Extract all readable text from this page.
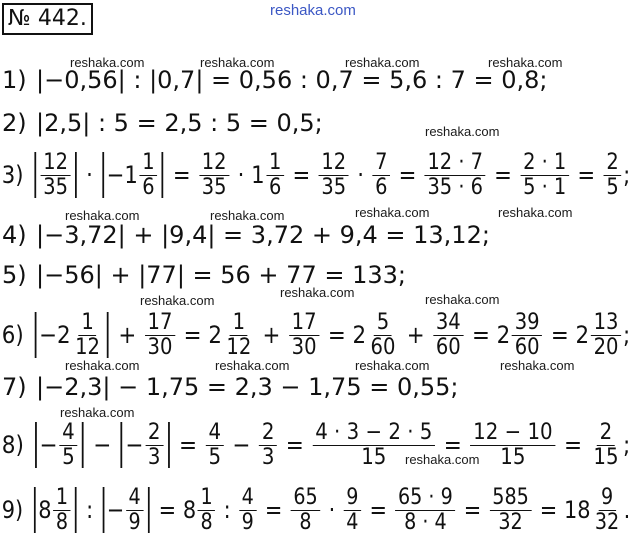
reshaka.com
reshaka.com	reshaka.com	reshaka.com	reshaka.com
reshaka.com
reshaka.com	reshaka.com	reshaka.com	reshaka.com
reshaka.com
reshaka.com	reshaka.com
reshaka.com	reshaka.com	reshaka.com	reshaka.com
reshaka.com
reshaka.com
№ 442.
1) |−0,56| : |0,7| = 0,56 : 0,7 = 5,6 : 7 = 0,8;
2) |2,5| : 5 = 2,5 : 5 = 0,5;
$3) \frac{12}{35} \cdot -1 \frac{1}{6} = \frac{12}{35} \cdot 1 \frac{1}{6} = \frac{12}{35} \cdot \frac{7}{6} = \frac{12 \cdot 7}{35 \cdot 6} = \frac{2 \cdot 1}{5 \cdot 1} = \frac{2}{5}$ ;
4) |−3,72| + |9,4| = 3,72 + 9,4 = 13,12;
5) |−56| + |77| = 56 + 77 = 133;
$6) -2 \frac{1}{12} + \frac{17}{30} = 2 \frac{1}{12} + \frac{17}{30} = 2 \frac{5}{60} + \frac{34}{60} = 2 \frac{39}{60} = 2 \frac{13}{20}$ ;
7) |−2,3| − 1,75 = 2,3 − 1,75 = 0,55;
$8) - \frac{4}{5}$ − − $\frac{2}{3} = \frac{4}{5} - \frac{2}{3} = \frac{4 \cdot 3 - 2 \cdot 5}{15} = \frac{12 - 10}{15} = \frac{2}{15}$ ;
9) $8 \frac{1}{8}$ : − $\frac{4}{9} = 8 \frac{1}{8}$ : $\frac{4}{9} = \frac{65}{8} \cdot \frac{9}{4} = \frac{65 \cdot 9}{8 \cdot 4} = \frac{585}{32} = 18 \frac{9}{32}$ .
